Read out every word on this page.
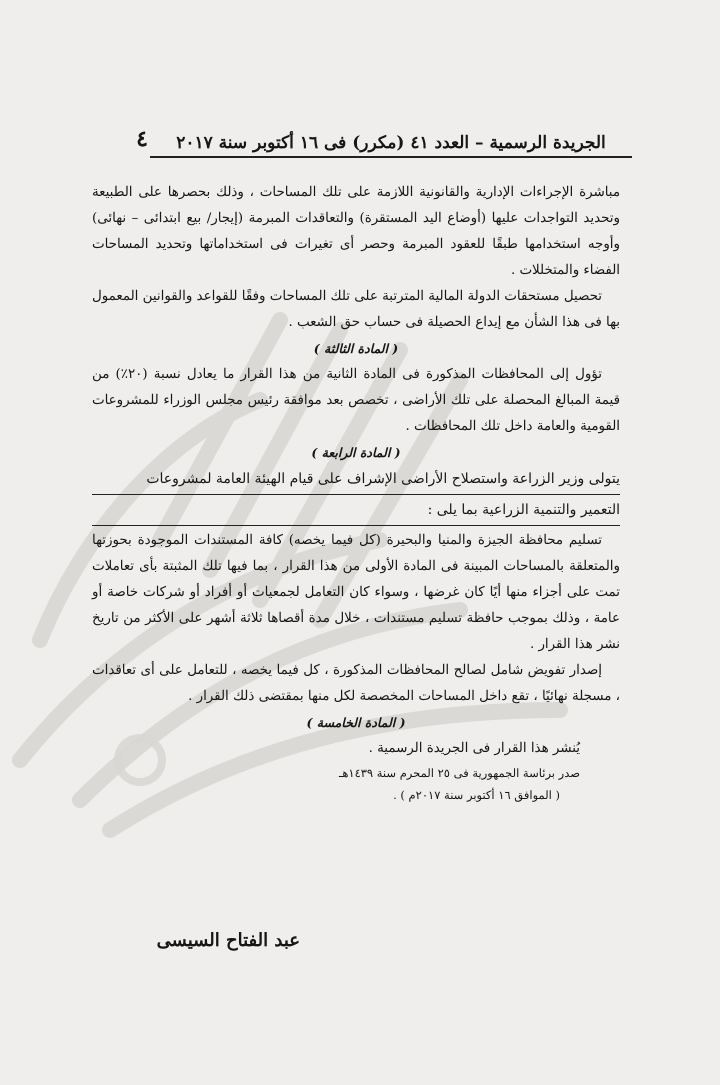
٤ الجريدة الرسمية – العدد ٤١ (مكرر) فى ١٦ أكتوبر سنة ٢٠١٧

مباشرة الإجراءات الإدارية والقانونية اللازمة على تلك المساحات ، وذلك بحصرها على الطبيعة وتحديد التواجدات عليها (أوضاع اليد المستقرة) والتعاقدات المبرمة (إيجار/ بيع ابتدائى – نهائى) وأوجه استخدامها طبقًا للعقود المبرمة وحصر أى تغيرات فى استخداماتها وتحديد المساحات الفضاء والمتخللات .

تحصيل مستحقات الدولة المالية المترتبة على تلك المساحات وفقًا للقواعد والقوانين المعمول بها فى هذا الشأن مع إيداع الحصيلة فى حساب حق الشعب .

( المادة الثالثة )

تؤول إلى المحافظات المذكورة فى المادة الثانية من هذا القرار ما يعادل نسبة (٢٠٪) من قيمة المبالغ المحصلة على تلك الأراضى ، تخصص بعد موافقة رئيس مجلس الوزراء للمشروعات القومية والعامة داخل تلك المحافظات .

( المادة الرابعة )

يتولى وزير الزراعة واستصلاح الأراضى الإشراف على قيام الهيئة العامة لمشروعات

التعمير والتنمية الزراعية بما يلى :

تسليم محافظة الجيزة والمنيا والبحيرة (كل فيما يخصه) كافة المستندات الموجودة بحوزتها والمتعلقة بالمساحات المبينة فى المادة الأولى من هذا القرار ، بما فيها تلك المثبتة بأى تعاملات تمت على أجزاء منها أيًا كان غرضها ، وسواء كان التعامل لجمعيات أو أفراد أو شركات خاصة أو عامة ، وذلك بموجب حافظة تسليم مستندات ، خلال مدة أقصاها ثلاثة أشهر على الأكثر من تاريخ نشر هذا القرار .

إصدار تفويض شامل لصالح المحافظات المذكورة ، كل فيما يخصه ، للتعامل على أى تعاقدات ، مسجلة نهائيًا ، تقع داخل المساحات المخصصة لكل منها بمقتضى ذلك القرار .

( المادة الخامسة )

يُنشر هذا القرار فى الجريدة الرسمية .

صدر برئاسة الجمهورية فى ٢٥ المحرم سنة ١٤٣٩هـ

( الموافق ١٦ أكتوبر سنة ٢٠١٧م ) .

عبد الفتاح السيسى
